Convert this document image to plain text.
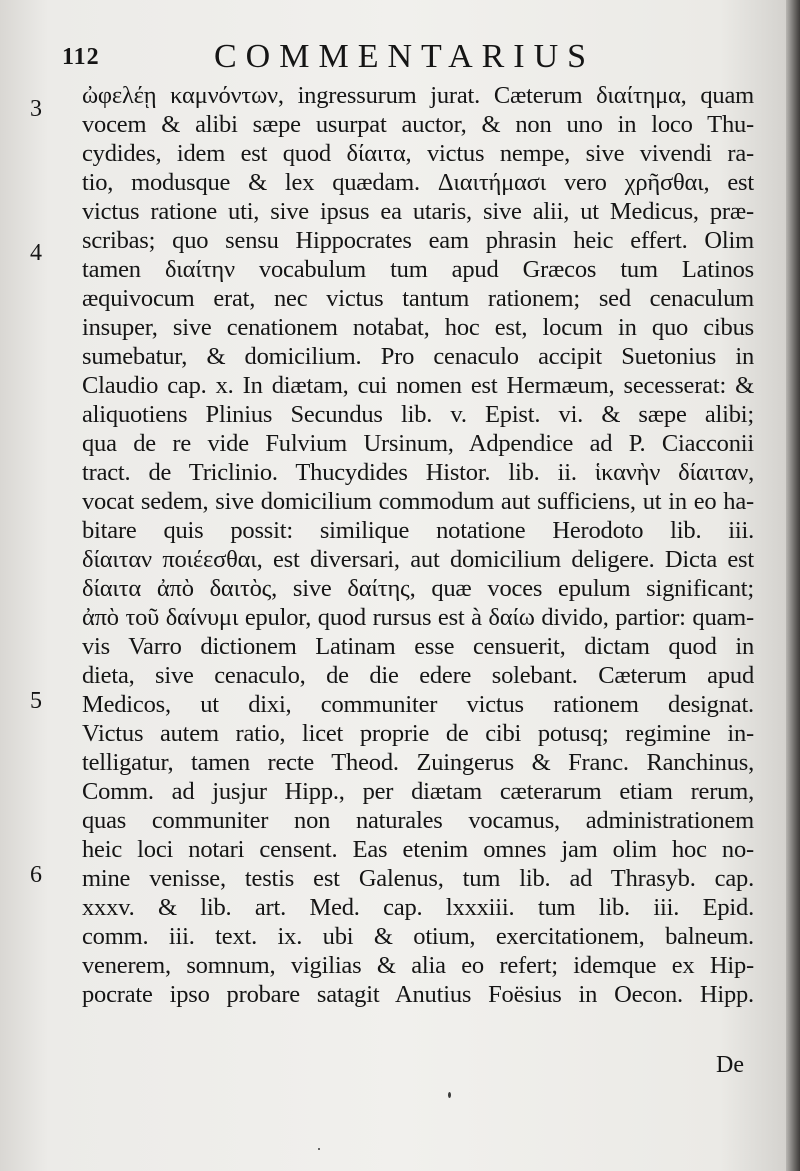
112	COMMENTARIUS
3
4
5
6
ὠφελέῃ καμνόντων, ingressurum jurat. Cæterum διαίτημα, quam
vocem & alibi sæpe usurpat auctor, & non uno in loco Thu-
cydides, idem est quod δίαιτα, victus nempe, sive vivendi ra-
tio, modusque & lex quædam. Διαιτήμασι vero χρῆσθαι, est
victus ratione uti, sive ipsus ea utaris, sive alii, ut Medicus, præ-
scribas; quo sensu Hippocrates eam phrasin heic effert. Olim
tamen διαίτην vocabulum tum apud Græcos tum Latinos
æquivocum erat, nec victus tantum rationem; sed cenaculum
insuper, sive cenationem notabat, hoc est, locum in quo cibus
sumebatur, & domicilium. Pro cenaculo accipit Suetonius in
Claudio cap. x. In diætam, cui nomen est Hermæum, secesserat: &
aliquotiens Plinius Secundus lib. v. Epist. vi. & sæpe alibi;
qua de re vide Fulvium Ursinum, Adpendice ad P. Ciacconii
tract. de Triclinio. Thucydides Histor. lib. ii. ἱκανὴν δίαιταν,
vocat sedem, sive domicilium commodum aut sufficiens, ut in eo ha-
bitare quis possit: similique notatione Herodoto lib. iii.
δίαιταν ποιέεσθαι, est diversari, aut domicilium deligere. Dicta est
δίαιτα ἀπὸ δαιτὸς, sive δαίτης, quæ voces epulum significant;
ἀπὸ τοῦ δαίνυμι epulor, quod rursus est à δαίω divido, partior: quam-
vis Varro dictionem Latinam esse censuerit, dictam quod in
dieta, sive cenaculo, de die edere solebant. Cæterum apud
Medicos, ut dixi, communiter victus rationem designat.
Victus autem ratio, licet proprie de cibi potusq; regimine in-
telligatur, tamen recte Theod. Zuingerus & Franc. Ranchinus,
Comm. ad jusjur Hipp., per diætam cæterarum etiam rerum,
quas communiter non naturales vocamus, administrationem
heic loci notari censent. Eas etenim omnes jam olim hoc no-
mine venisse, testis est Galenus, tum lib. ad Thrasyb. cap.
xxxv. & lib. art. Med. cap. lxxxiii. tum lib. iii. Epid.
comm. iii. text. ix. ubi & otium, exercitationem, balneum.
venerem, somnum, vigilias & alia eo refert; idemque ex Hip-
pocrate ipso probare satagit Anutius Foësius in Oecon. Hipp.
De
